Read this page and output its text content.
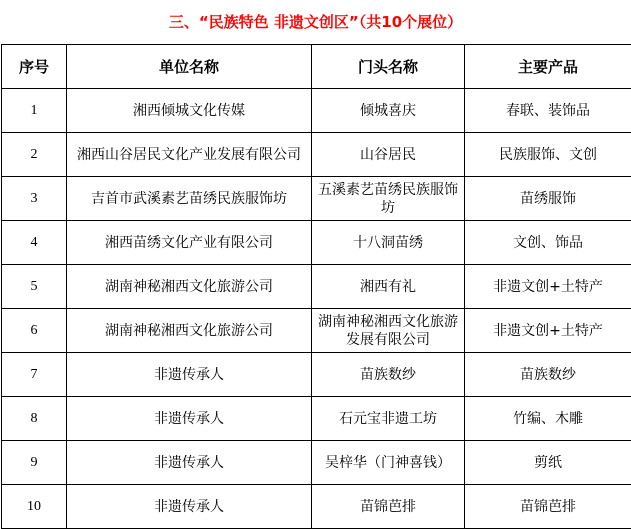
三、“民族特色 非遗文创区”（共10个展位）
序号	单位名称	门头名称	主要产品
1	湘西倾城文化传媒	倾城喜庆	春联、装饰品
2	湘西山谷居民文化产业发展有限公司	山谷居民	民族服饰、文创
3	吉首市武溪素艺苗绣民族服饰坊	五溪素艺苗绣民族服饰坊	苗绣服饰
4	湘西苗绣文化产业有限公司	十八洞苗绣	文创、饰品
5	湖南神秘湘西文化旅游公司	湘西有礼	非遗文创+土特产
6	湖南神秘湘西文化旅游公司	湖南神秘湘西文化旅游发展有限公司	非遗文创+土特产
7	非遗传承人	苗族数纱	苗族数纱
8	非遗传承人	石元宝非遗工坊	竹编、木雕
9	非遗传承人	吴梓华（门神喜钱）	剪纸
10	非遗传承人	苗锦芭排	苗锦芭排
